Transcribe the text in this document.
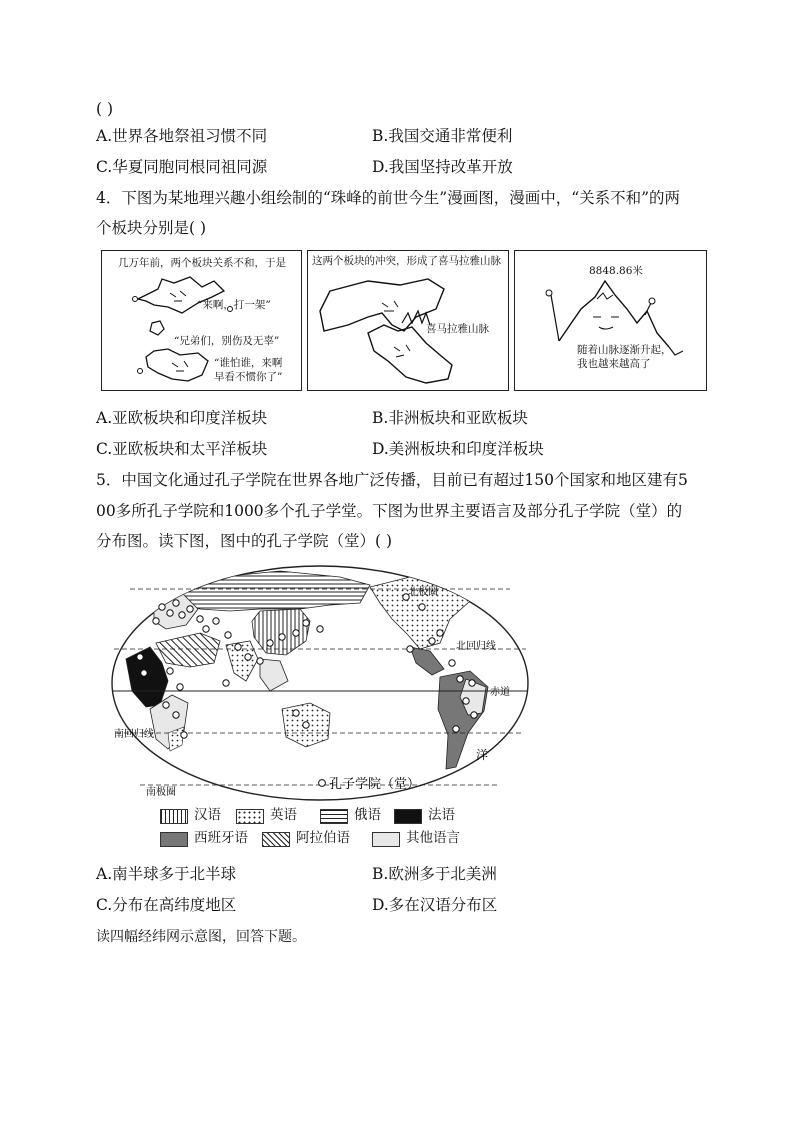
( )
A.世界各地祭祖习惯不同	B.我国交通非常便利
C.华夏同胞同根同祖同源	D.我国坚持改革开放
4．下图为某地理兴趣小组绘制的“珠峰的前世今生”漫画图，漫画中，“关系不和”的两
个板块分别是( )
几万年前，两个板块关系不和，于是
“来啊，打一架”
“兄弟们，别伤及无辜”
“谁怕谁，来啊
早看不惯你了”
这两个板块的冲突，形成了喜马拉雅山脉
喜马拉雅山脉
8848.86米
随着山脉逐渐升起，
我也越来越高了
A.亚欧板块和印度洋板块	B.非洲板块和亚欧板块
C.亚欧板块和太平洋板块	D.美洲板块和印度洋板块
5．中国文化通过孔子学院在世界各地广泛传播，目前已有超过150个国家和地区建有5
00多所孔子学院和1000多个孔子学堂。下图为世界主要语言及部分孔子学院（堂）的
分布图。读下图，图中的孔子学院（堂）( )
北极圈
北回归线
赤道
南回归线
洋
南极圈
孔子学院（堂）
汉语	英语	俄语	法语
西班牙语	阿拉伯语	其他语言
A.南半球多于北半球	B.欧洲多于北美洲
C.分布在高纬度地区	D.多在汉语分布区
读四幅经纬网示意图，回答下题。
